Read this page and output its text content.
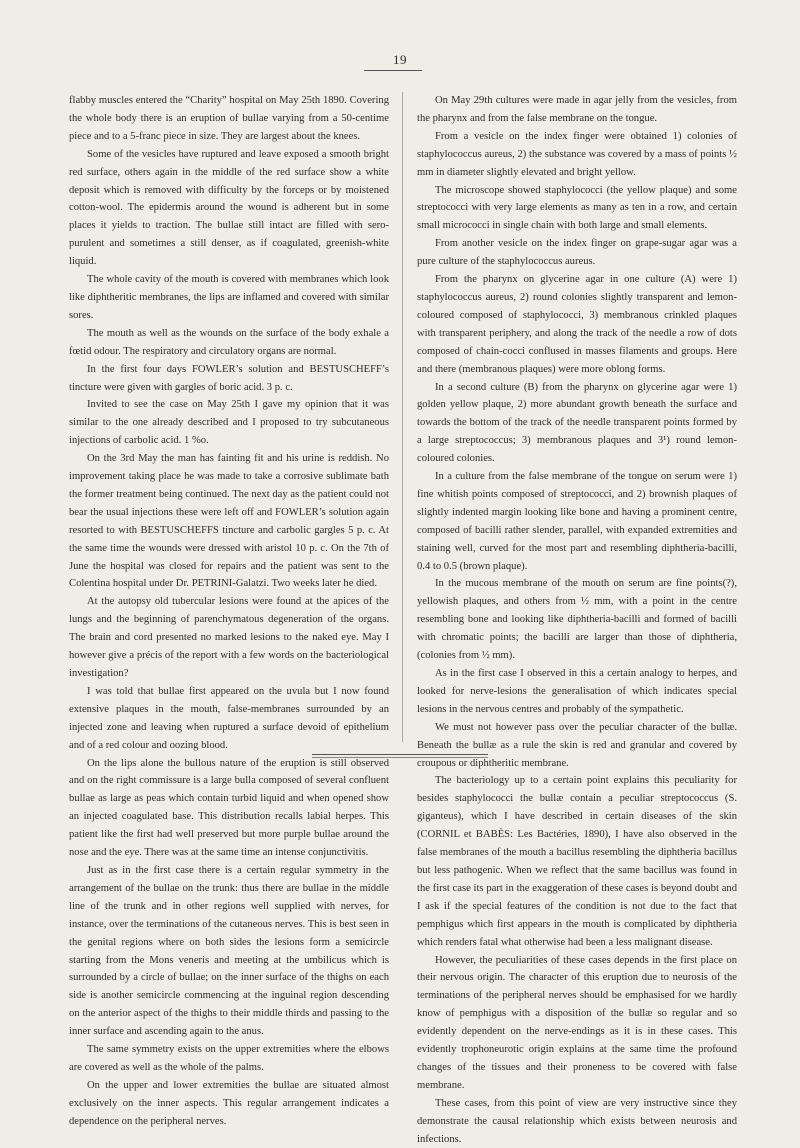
19

flabby muscles entered the “Charity” hospital on May 25th 1890. Covering the whole body there is an eruption of bullae varying from a 50-centime piece and to a 5-franc piece in size. They are largest about the knees.

Some of the vesicles have ruptured and leave exposed a smooth bright red surface, others again in the middle of the red surface show a white deposit which is removed with difficulty by the forceps or by moistened cotton-wool. The epidermis around the wound is adherent but in some places it yields to traction. The bullae still intact are filled with sero-purulent and sometimes a still denser, as if coagulated, greenish-white liquid.

The whole cavity of the mouth is covered with membranes which look like diphtheritic membranes, the lips are inflamed and covered with similar sores.

The mouth as well as the wounds on the surface of the body exhale a fœtid odour. The respiratory and circulatory organs are normal.

In the first four days FOWLER’s solution and BESTUSCHEFF’s tincture were given with gargles of boric acid. 3 p. c.

Invited to see the case on May 25th I gave my opinion that it was similar to the one already described and I proposed to try subcutaneous injections of carbolic acid. 1 %o.

On the 3rd May the man has fainting fit and his urine is reddish. No improvement taking place he was made to take a corrosive sublimate bath the former treatment being continued. The next day as the patient could not bear the usual injections these were left off and FOWLER’s solution again resorted to with BESTUSCHEFFS tincture and carbolic gargles 5 p. c. At the same time the wounds were dressed with aristol 10 p. c. On the 7th of June the hospital was closed for repairs and the patient was sent to the Colentina hospital under Dr. PETRINI-Galatzi. Two weeks later he died.

At the autopsy old tubercular lesions were found at the apices of the lungs and the beginning of parenchymatous degeneration of the organs. The brain and cord presented no marked lesions to the naked eye. May I however give a précis of the report with a few words on the bacteriological investigation?

I was told that bullae first appeared on the uvula but I now found extensive plaques in the mouth, false-membranes surrounded by an injected zone and leaving when ruptured a surface devoid of epithelium and of a red colour and oozing blood.

On the lips alone the bullous nature of the eruption is still observed and on the right commissure is a large bulla composed of several confluent bullae as large as peas which contain turbid liquid and when opened show an injected coagulated base. This distribution recalls labial herpes. This patient like the first had well preserved but more purple bullae around the nose and the eye. There was at the same time an intense conjunctivitis.

Just as in the first case there is a certain regular symmetry in the arrangement of the bullae on the trunk: thus there are bullae in the middle line of the trunk and in other regions well supplied with nerves, for instance, over the terminations of the cutaneous nerves. This is best seen in the genital regions where on both sides the lesions form a semicircle starting from the Mons veneris and meeting at the umbilicus which is surrounded by a circle of bullae; on the inner surface of the thighs on each side is another semicircle commencing at the inguinal region descending on the anterior aspect of the thighs to their middle thirds and passing to the inner surface and ascending again to the anus.

The same symmetry exists on the upper extremities where the elbows are covered as well as the whole of the palms.

On the upper and lower extremities the bullae are situated almost exclusively on the inner aspects. This regular arrangement indicates a dependence on the peripheral nerves.

On May 29th cultures were made in agar jelly from the vesicles, from the pharynx and from the false membrane on the tongue.

From a vesicle on the index finger were obtained 1) colonies of staphylococcus aureus, 2) the substance was covered by a mass of points ½ mm in diameter slightly elevated and bright yellow.

The microscope showed staphylococci (the yellow plaque) and some streptococci with very large elements as many as ten in a row, and certain small micrococci in single chain with both large and small elements.

From another vesicle on the index finger on grape-sugar agar was a pure culture of the staphylococcus aureus.

From the pharynx on glycerine agar in one culture (A) were 1) staphylococcus aureus, 2) round colonies slightly transparent and lemon-coloured composed of staphylococci, 3) membranous crinkled plaques with transparent periphery, and along the track of the needle a row of dots composed of chain-cocci conflused in masses filaments and groups. Here and there (membranous plaques) were more oblong forms.

In a second culture (B) from the pharynx on glycerine agar were 1) golden yellow plaque, 2) more abundant growth beneath the surface and towards the bottom of the track of the needle transparent points formed by a large streptococcus; 3) membranous plaques and 3¹) round lemon-coloured colonies.

In a culture from the false membrane of the tongue on serum were 1) fine whitish points composed of streptococci, and 2) brownish plaques of slightly indented margin looking like bone and having a prominent centre, composed of bacilli rather slender, parallel, with expanded extremities and staining well, curved for the most part and resembling diphtheria-bacilli, 0.4 to 0.5 (brown plaque).

In the mucous membrane of the mouth on serum are fine points(?), yellowish plaques, and others from ½ mm, with a point in the centre resembling bone and looking like diphtheria-bacilli and formed of bacilli with chromatic points; the bacilli are larger than those of diphtheria, (colonies from ½ mm).

As in the first case I observed in this a certain analogy to herpes, and looked for nerve-lesions the generalisation of which indicates special lesions in the nervous centres and probably of the sympathetic.

We must not however pass over the peculiar character of the bullæ. Beneath the bullæ as a rule the skin is red and granular and covered by croupous or diphtheritic membrane.

The bacteriology up to a certain point explains this peculiarity for besides staphylococci the bullæ contain a peculiar streptococcus (S. giganteus), which I have described in certain diseases of the skin (CORNIL et BABÈS: Les Bactéries, 1890), I have also observed in the false membranes of the mouth a bacillus resembling the diphtheria bacillus but less pathogenic. When we reflect that the same bacillus was found in the first case its part in the exaggeration of these cases is beyond doubt and I ask if the special features of the condition is not due to the fact that pemphigus which first appears in the mouth is complicated by diphtheria which renders fatal what otherwise had been a less malignant disease.

However, the peculiarities of these cases depends in the first place on their nervous origin. The character of this eruption due to neurosis of the terminations of the peripheral nerves should be emphasised for we hardly know of pemphigus with a disposition of the bullæ so regular and so evidently dependent on the nerve-endings as it is in these cases. This evidently trophoneurotic origin explains at the same time the profound changes of the tissues and their proneness to be covered with false membrane.

These cases, from this point of view are very instructive since they demonstrate the causal relationship which exists between neurosis and infections.
